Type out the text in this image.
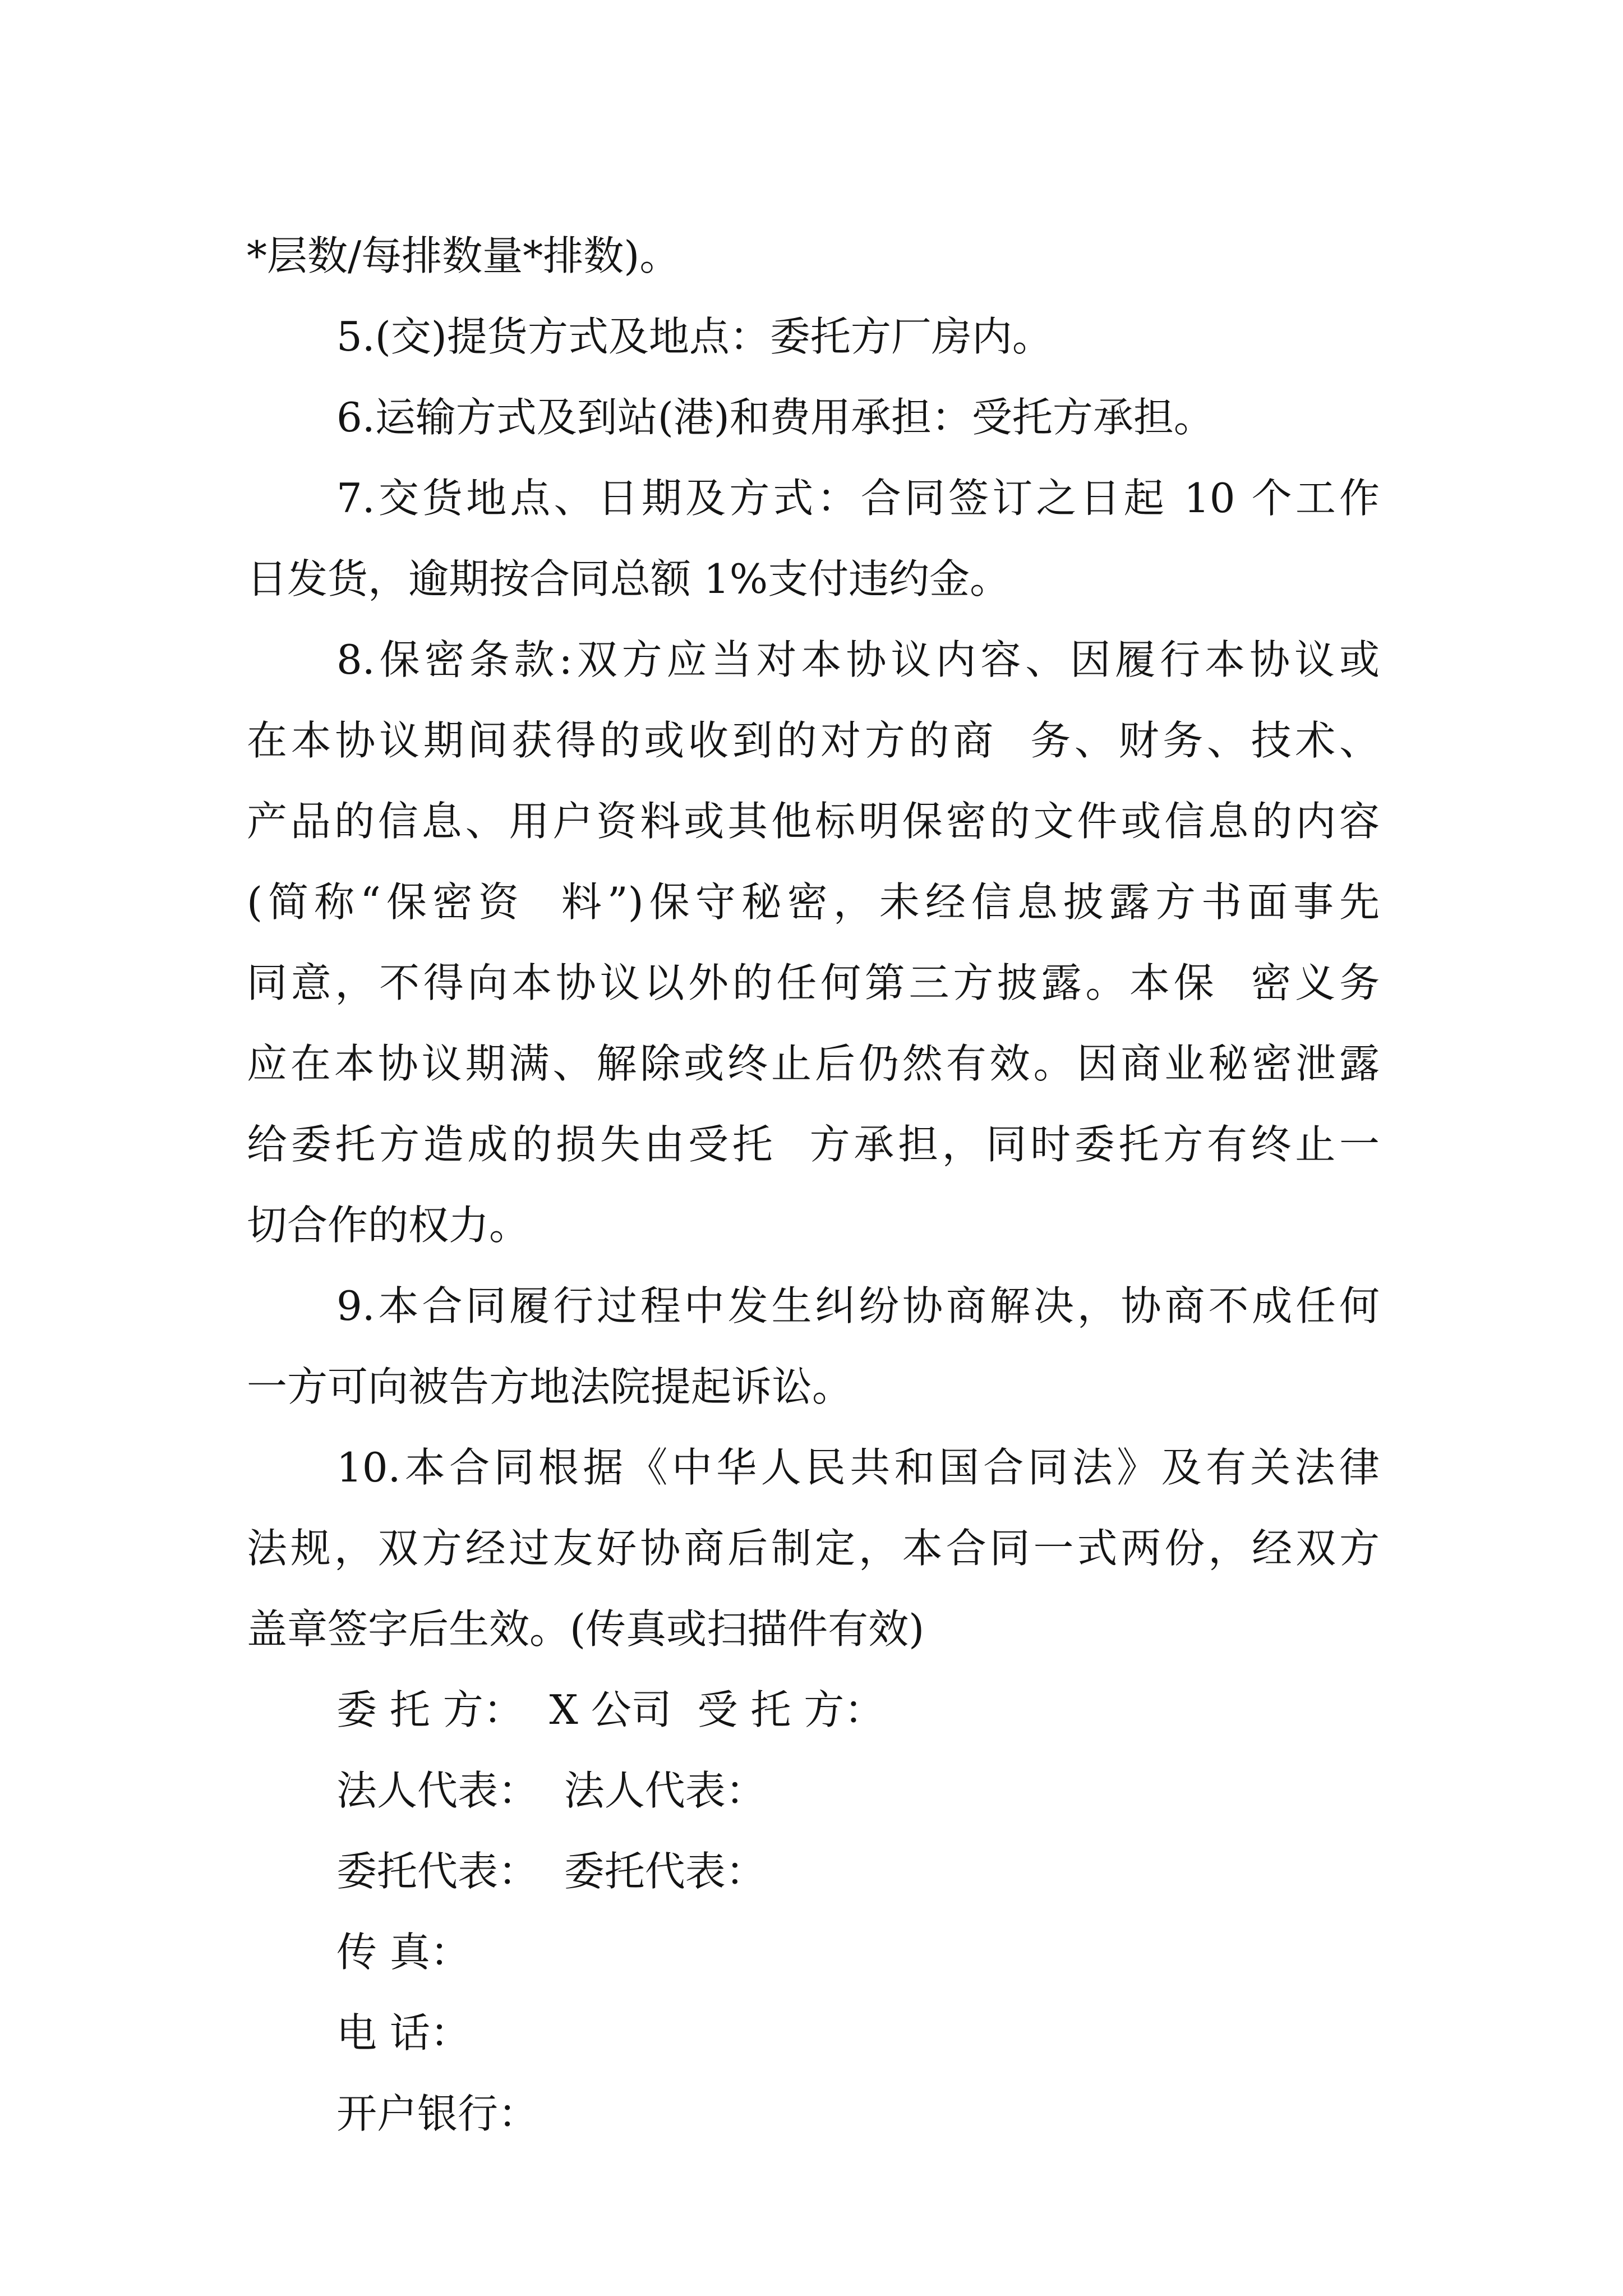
*层数/每排数量*排数)。
5.(交)提货方式及地点：委托方厂房内。
6.运输方式及到站(港)和费用承担：受托方承担。
7.交货地点、日期及方式：合同签订之日起 10 个工作
日发货，逾期按合同总额 1%支付违约金。
8.保密条款:双方应当对本协议内容、因履行本协议或
在本协议期间获得的或收到的对方的商  务、财务、技术、
产品的信息、用户资料或其他标明保密的文件或信息的内容
(简称“保密资  料”)保守秘密，未经信息披露方书面事先
同意，不得向本协议以外的任何第三方披露。本保  密义务
应在本协议期满、解除或终止后仍然有效。因商业秘密泄露
给委托方造成的损失由受托  方承担，同时委托方有终止一
切合作的权力。
9.本合同履行过程中发生纠纷协商解决，协商不成任何
一方可向被告方地法院提起诉讼。
10.本合同根据《中华人民共和国合同法》及有关法律
法规，双方经过友好协商后制定，本合同一式两份，经双方
盖章签字后生效。(传真或扫描件有效)
委 托 方：  X 公司  受 托 方：
法人代表：  法人代表：
委托代表：  委托代表：
传 真：
电 话：
开户银行：
